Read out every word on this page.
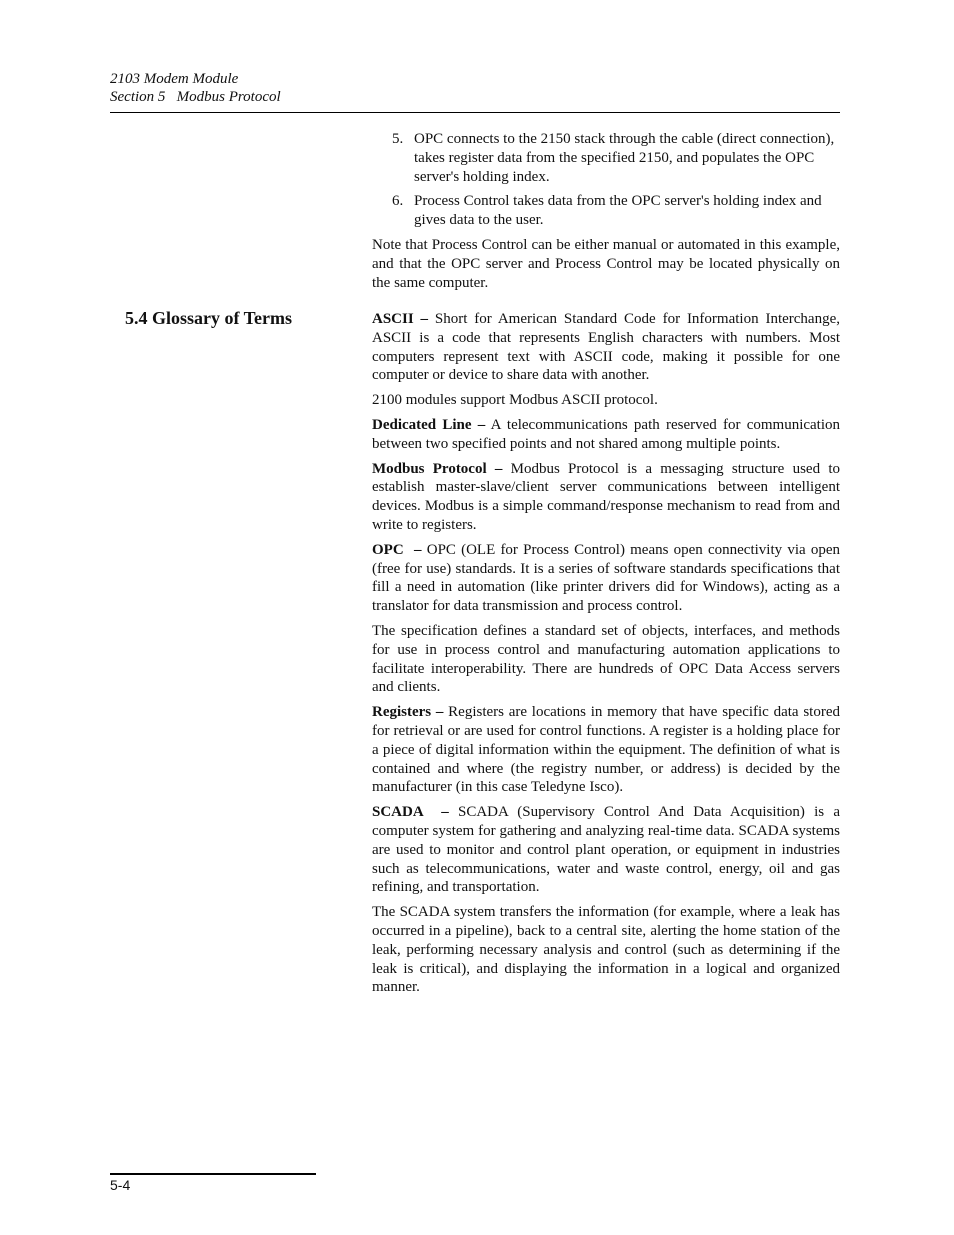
2103 Modem Module
Section 5   Modbus Protocol
5. OPC connects to the 2150 stack through the cable (direct connection), takes register data from the specified 2150, and populates the OPC server's holding index.
6. Process Control takes data from the OPC server's holding index and gives data to the user.

Note that Process Control can be either manual or automated in this example, and that the OPC server and Process Control may be located physically on the same computer.

5.4 Glossary of Terms	ASCII – Short for American Standard Code for Information Interchange, ASCII is a code that represents English characters with numbers. Most computers represent text with ASCII code, making it possible for one computer or device to share data with another.

2100 modules support Modbus ASCII protocol.

Dedicated Line – A telecommunications path reserved for communication between two specified points and not shared among multiple points.

Modbus Protocol – Modbus Protocol is a messaging structure used to establish master-slave/client server communications between intelligent devices. Modbus is a simple command/response mechanism to read from and write to registers.

OPC  – OPC (OLE for Process Control) means open connectivity via open (free for use) standards. It is a series of software standards specifications that fill a need in automation (like printer drivers did for Windows), acting as a translator for data transmission and process control.

The specification defines a standard set of objects, interfaces, and methods for use in process control and manufacturing automation applications to facilitate interoperability. There are hundreds of OPC Data Access servers and clients.

Registers – Registers are locations in memory that have specific data stored for retrieval or are used for control functions. A register is a holding place for a piece of digital information within the equipment. The definition of what is contained and where (the registry number, or address) is decided by the manufacturer (in this case Teledyne Isco).

SCADA  – SCADA (Supervisory Control And Data Acquisition) is a computer system for gathering and analyzing real-time data. SCADA systems are used to monitor and control plant operation, or equipment in industries such as telecommunications, water and waste control, energy, oil and gas refining, and transportation.

The SCADA system transfers the information (for example, where a leak has occurred in a pipeline), back to a central site, alerting the home station of the leak, performing necessary analysis and control (such as determining if the leak is critical), and displaying the information in a logical and organized manner.

5-4
